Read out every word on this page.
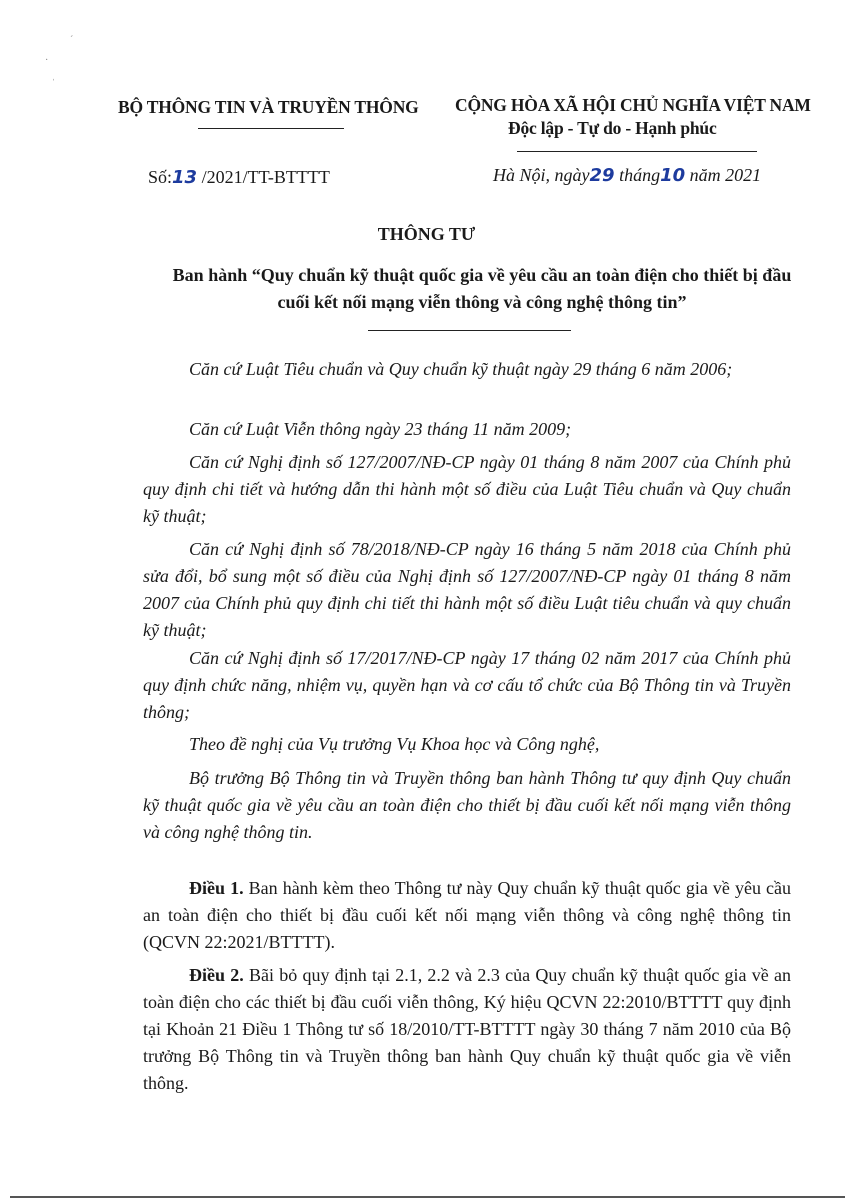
´
·
ˌ
BỘ THÔNG TIN VÀ TRUYỀN THÔNG CỘNG HÒA XÃ HỘI CHỦ NGHĨA VIỆT NAM
Độc lập - Tự do - Hạnh phúc
Số:13 /2021/TT-BTTTT	Hà Nội, ngày29 tháng10 năm 2021
THÔNG TƯ
Ban hành “Quy chuẩn kỹ thuật quốc gia về yêu cầu an toàn điện cho thiết bị đầu cuối kết nối mạng viễn thông và công nghệ thông tin”
Căn cứ Luật Tiêu chuẩn và Quy chuẩn kỹ thuật ngày 29 tháng 6 năm 2006;
Căn cứ Luật Viễn thông ngày 23 tháng 11 năm 2009;
Căn cứ Nghị định số 127/2007/NĐ-CP ngày 01 tháng 8 năm 2007 của Chính phủ quy định chi tiết và hướng dẫn thi hành một số điều của Luật Tiêu chuẩn và Quy chuẩn kỹ thuật;
Căn cứ Nghị định số 78/2018/NĐ-CP ngày 16 tháng 5 năm 2018 của Chính phủ sửa đổi, bổ sung một số điều của Nghị định số 127/2007/NĐ-CP ngày 01 tháng 8 năm 2007 của Chính phủ quy định chi tiết thi hành một số điều Luật tiêu chuẩn và quy chuẩn kỹ thuật;
Căn cứ Nghị định số 17/2017/NĐ-CP ngày 17 tháng 02 năm 2017 của Chính phủ quy định chức năng, nhiệm vụ, quyền hạn và cơ cấu tổ chức của Bộ Thông tin và Truyền thông;
Theo đề nghị của Vụ trưởng Vụ Khoa học và Công nghệ,
Bộ trưởng Bộ Thông tin và Truyền thông ban hành Thông tư quy định Quy chuẩn kỹ thuật quốc gia về yêu cầu an toàn điện cho thiết bị đầu cuối kết nối mạng viễn thông và công nghệ thông tin.
Điều 1. Ban hành kèm theo Thông tư này Quy chuẩn kỹ thuật quốc gia về yêu cầu an toàn điện cho thiết bị đầu cuối kết nối mạng viễn thông và công nghệ thông tin (QCVN 22:2021/BTTTT).
Điều 2. Bãi bỏ quy định tại 2.1, 2.2 và 2.3 của Quy chuẩn kỹ thuật quốc gia về an toàn điện cho các thiết bị đầu cuối viễn thông, Ký hiệu QCVN 22:2010/BTTTT quy định tại Khoản 21 Điều 1 Thông tư số 18/2010/TT-BTTTT ngày 30 tháng 7 năm 2010 của Bộ trưởng Bộ Thông tin và Truyền thông ban hành Quy chuẩn kỹ thuật quốc gia về viễn thông.
